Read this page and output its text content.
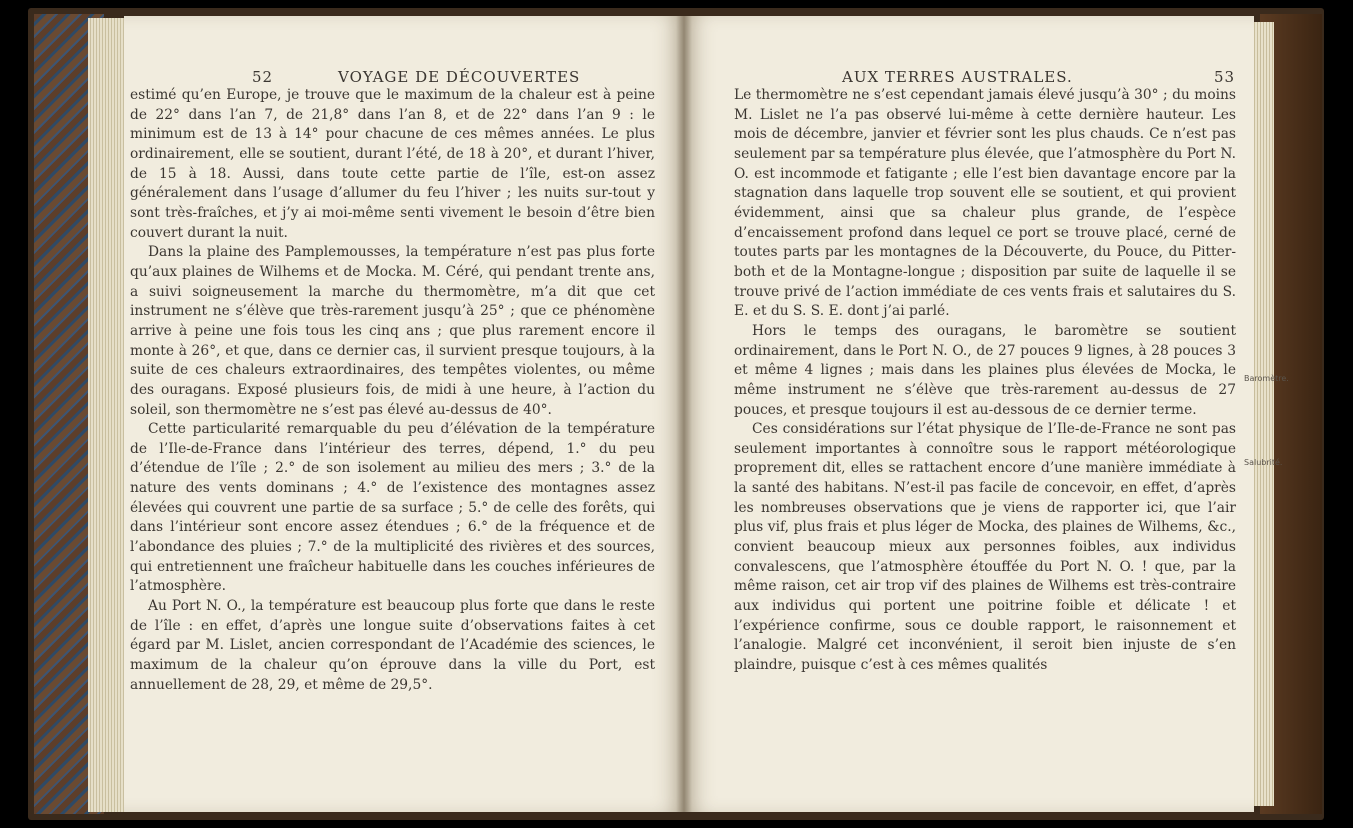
52	VOYAGE DE DÉCOUVERTES	AUX TERRES AUSTRALES.	53

estimé qu’en Europe, je trouve que le maximum de la chaleur est à peine de 22° dans l’an 7, de 21,8° dans l’an 8, et de 22° dans l’an 9 : le minimum est de 13 à 14° pour chacune de ces mêmes années. Le plus ordinairement, elle se soutient, durant l’été, de 18 à 20°, et durant l’hiver, de 15 à 18. Aussi, dans toute cette partie de l’île, est-on assez généralement dans l’usage d’allumer du feu l’hiver ; les nuits sur-tout y sont très-fraîches, et j’y ai moi-même senti vivement le besoin d’être bien couvert durant la nuit.

Dans la plaine des Pamplemousses, la température n’est pas plus forte qu’aux plaines de Wilhems et de Mocka. M. Céré, qui pendant trente ans, a suivi soigneusement la marche du thermomètre, m’a dit que cet instrument ne s’élève que très-rarement jusqu’à 25° ; que ce phénomène arrive à peine une fois tous les cinq ans ; que plus rarement encore il monte à 26°, et que, dans ce dernier cas, il survient presque toujours, à la suite de ces chaleurs extraordinaires, des tempêtes violentes, ou même des ouragans. Exposé plusieurs fois, de midi à une heure, à l’action du soleil, son thermomètre ne s’est pas élevé au-dessus de 40°.

Cette particularité remarquable du peu d’élévation de la température de l’Ile-de-France dans l’intérieur des terres, dépend, 1.° du peu d’étendue de l’île ; 2.° de son isolement au milieu des mers ; 3.° de la nature des vents dominans ; 4.° de l’existence des montagnes assez élevées qui couvrent une partie de sa surface ; 5.° de celle des forêts, qui dans l’intérieur sont encore assez étendues ; 6.° de la fréquence et de l’abondance des pluies ; 7.° de la multiplicité des rivières et des sources, qui entretiennent une fraîcheur habituelle dans les couches inférieures de l’atmosphère.

Au Port N. O., la température est beaucoup plus forte que dans le reste de l’île : en effet, d’après une longue suite d’observations faites à cet égard par M. Lislet, ancien correspondant de l’Académie des sciences, le maximum de la chaleur qu’on éprouve dans la ville du Port, est annuellement de 28, 29, et même de 29,5°.

Le thermomètre ne s’est cependant jamais élevé jusqu’à 30° ; du moins M. Lislet ne l’a pas observé lui-même à cette dernière hauteur. Les mois de décembre, janvier et février sont les plus chauds. Ce n’est pas seulement par sa température plus élevée, que l’atmosphère du Port N. O. est incommode et fatigante ; elle l’est bien davantage encore par la stagnation dans laquelle trop souvent elle se soutient, et qui provient évidemment, ainsi que sa chaleur plus grande, de l’espèce d’encaissement profond dans lequel ce port se trouve placé, cerné de toutes parts par les montagnes de la Découverte, du Pouce, du Pitter-both et de la Montagne-longue ; disposition par suite de laquelle il se trouve privé de l’action immédiate de ces vents frais et salutaires du S. E. et du S. S. E. dont j’ai parlé.

Hors le temps des ouragans, le baromètre se soutient ordinairement, dans le Port N. O., de 27 pouces 9 lignes, à 28 pouces 3 et même 4 lignes ; mais dans les plaines plus élevées de Mocka, le même instrument ne s’élève que très-rarement au-dessus de 27 pouces, et presque toujours il est au-dessous de ce dernier terme.

Ces considérations sur l’état physique de l’Ile-de-France ne sont pas seulement importantes à connoître sous le rapport météorologique proprement dit, elles se rattachent encore d’une manière immédiate à la santé des habitans. N’est-il pas facile de concevoir, en effet, d’après les nombreuses observations que je viens de rapporter ici, que l’air plus vif, plus frais et plus léger de Mocka, des plaines de Wilhems, &c., convient beaucoup mieux aux personnes foibles, aux individus convalescens, que l’atmosphère étouffée du Port N. O. ! que, par la même raison, cet air trop vif des plaines de Wilhems est très-contraire aux individus qui portent une poitrine foible et délicate ! et l’expérience confirme, sous ce double rapport, le raisonnement et l’analogie. Malgré cet inconvénient, il seroit bien injuste de s’en plaindre, puisque c’est à ces mêmes qualités

Baromètre.
Salubrité.
